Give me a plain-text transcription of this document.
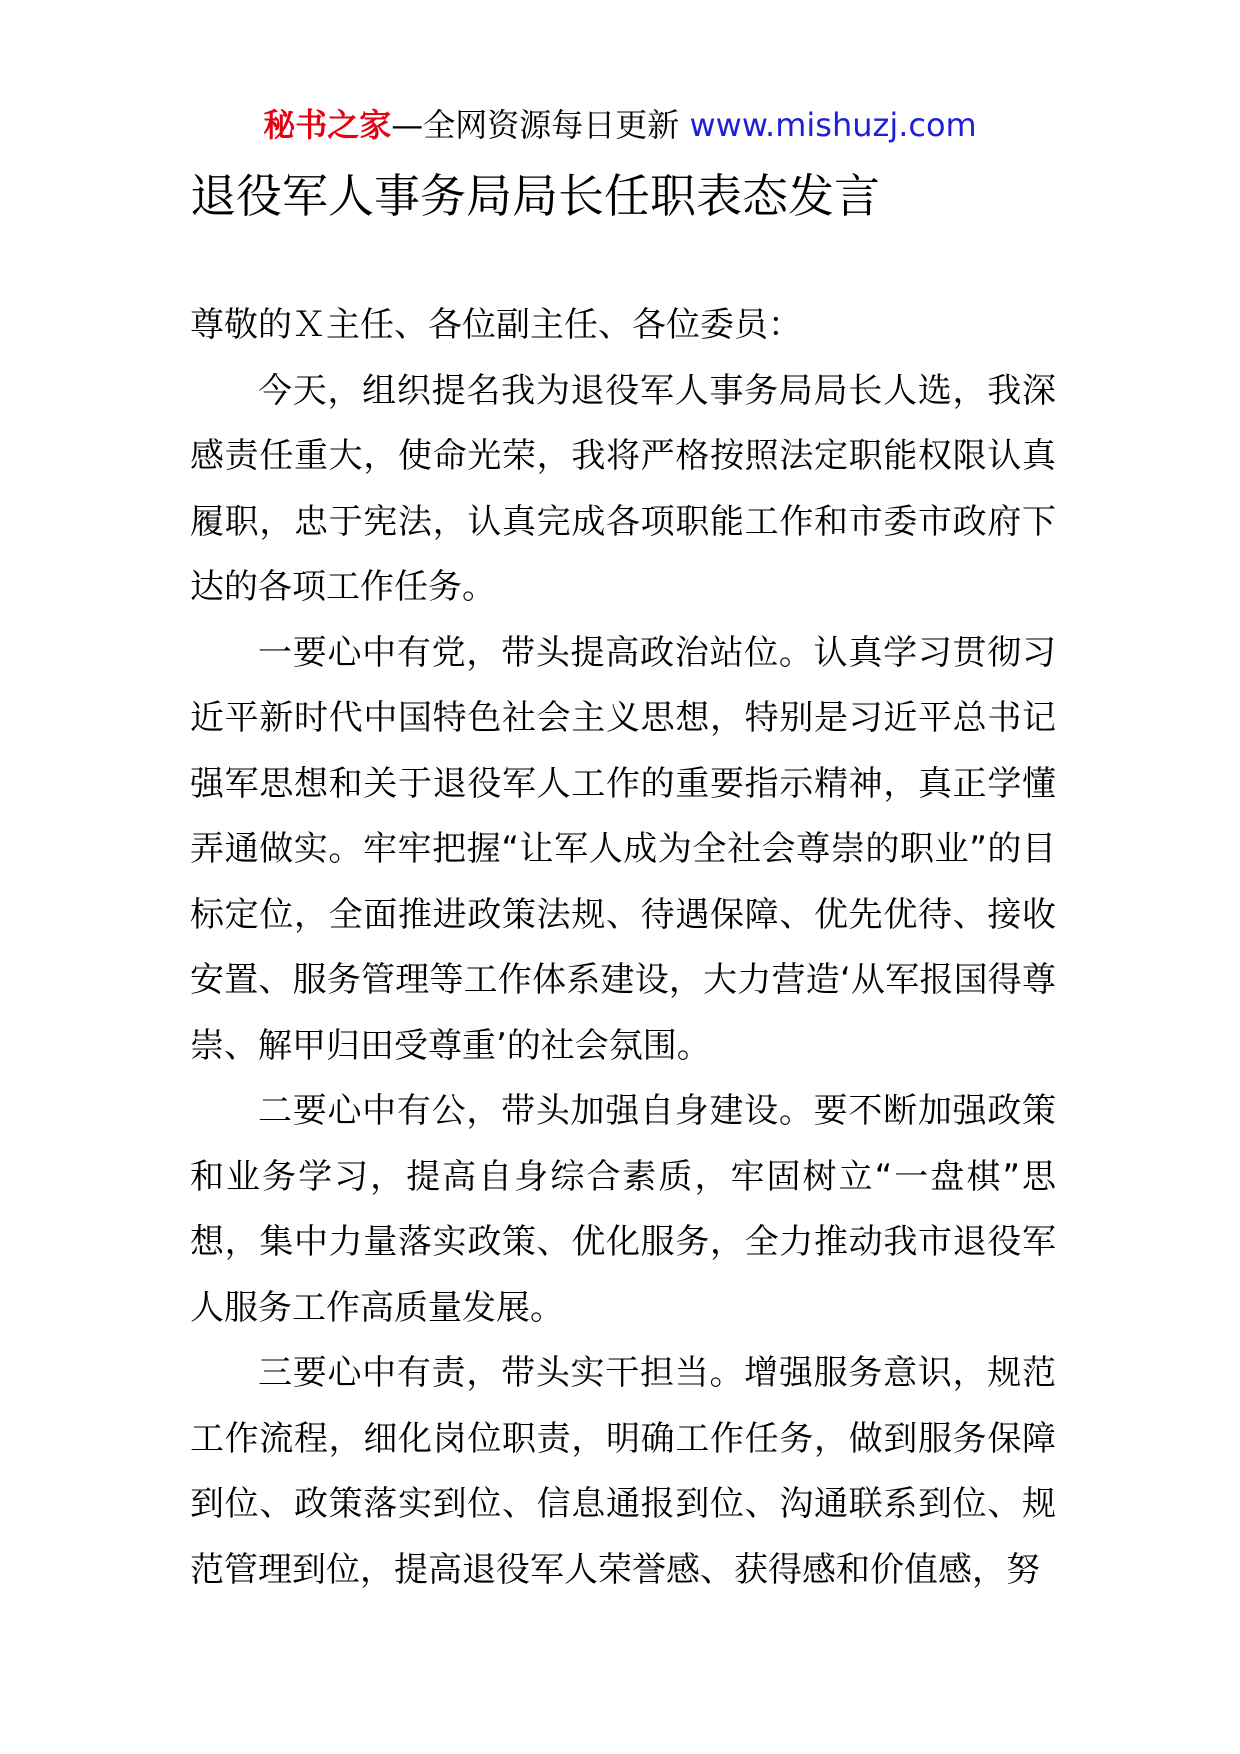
秘书之家—全网资源每日更新 www.mishuzj.com
退役军人事务局局长任职表态发言

尊敬的Ｘ主任、各位副主任、各位委员：

今天，组织提名我为退役军人事务局局长人选，我深感责任重大，使命光荣，我将严格按照法定职能权限认真履职，忠于宪法，认真完成各项职能工作和市委市政府下达的各项工作任务。

一要心中有党，带头提高政治站位。认真学习贯彻习近平新时代中国特色社会主义思想，特别是习近平总书记强军思想和关于退役军人工作的重要指示精神，真正学懂弄通做实。牢牢把握“让军人成为全社会尊崇的职业”的目标定位，全面推进政策法规、待遇保障、优先优待、接收安置、服务管理等工作体系建设，大力营造‘从军报国得尊崇、解甲归田受尊重’的社会氛围。

二要心中有公，带头加强自身建设。要不断加强政策和业务学习，提高自身综合素质，牢固树立“一盘棋”思想，集中力量落实政策、优化服务，全力推动我市退役军人服务工作高质量发展。

三要心中有责，带头实干担当。增强服务意识，规范工作流程，细化岗位职责，明确工作任务，做到服务保障到位、政策落实到位、信息通报到位、沟通联系到位、规范管理到位，提高退役军人荣誉感、获得感和价值感，努
